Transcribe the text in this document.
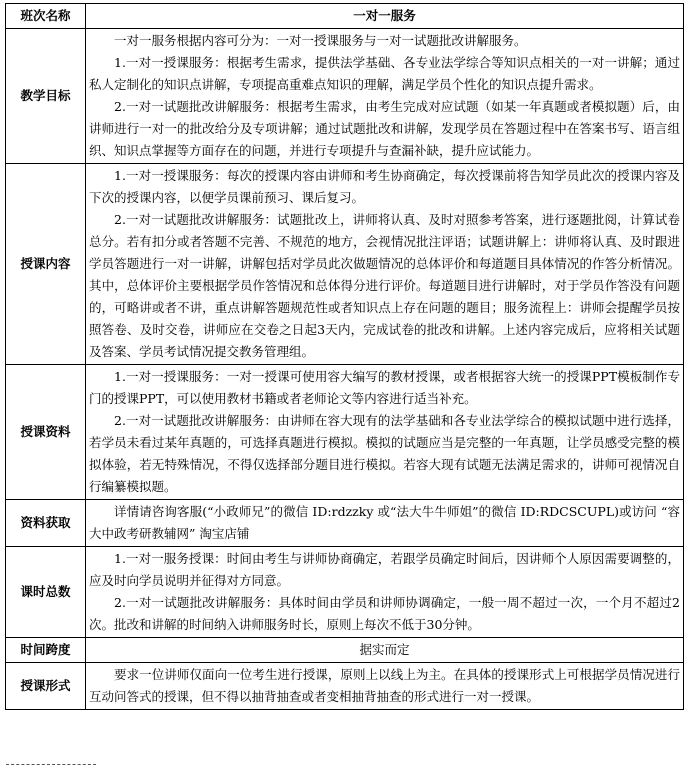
班次名称	一对一服务
教学目标	一对一服务根据内容可分为：一对一授课服务与一对一试题批改讲解服务。

1.一对一授课服务：根据考生需求，提供法学基础、各专业法学综合等知识点相关的一对一讲解；通过私人定制化的知识点讲解，专项提高重难点知识的理解，满足学员个性化的知识点提升需求。

2.一对一试题批改讲解服务：根据考生需求，由考生完成对应试题（如某一年真题或者模拟题）后，由讲师进行一对一的批改给分及专项讲解；通过试题批改和讲解，发现学员在答题过程中在答案书写、语言组织、知识点掌握等方面存在的问题，并进行专项提升与查漏补缺，提升应试能力。

授课内容	1.一对一授课服务：每次的授课内容由讲师和考生协商确定，每次授课前将告知学员此次的授课内容及下次的授课内容，以便学员课前预习、课后复习。

2.一对一试题批改讲解服务：试题批改上，讲师将认真、及时对照参考答案，进行逐题批阅，计算试卷总分。若有扣分或者答题不完善、不规范的地方，会视情况批注评语；试题讲解上：讲师将认真、及时跟进学员答题进行一对一讲解，讲解包括对学员此次做题情况的总体评价和每道题目具体情况的作答分析情况。其中，总体评价主要根据学员作答情况和总体得分进行评价。每道题目进行讲解时，对于学员作答没有问题的，可略讲或者不讲，重点讲解答题规范性或者知识点上存在问题的题目；服务流程上：讲师会提醒学员按照答卷、及时交卷，讲师应在交卷之日起3天内，完成试卷的批改和讲解。上述内容完成后，应将相关试题及答案、学员考试情况提交教务管理组。

授课资料	1.一对一授课服务：一对一授课可使用容大编写的教材授课，或者根据容大统一的授课PPT模板制作专门的授课PPT，可以使用教材书籍或者老师论文等内容进行适当补充。

2.一对一试题批改讲解服务：由讲师在容大现有的法学基础和各专业法学综合的模拟试题中进行选择，若学员未看过某年真题的，可选择真题进行模拟。模拟的试题应当是完整的一年真题，让学员感受完整的模拟体验，若无特殊情况，不得仅选择部分题目进行模拟。若容大现有试题无法满足需求的，讲师可视情况自行编纂模拟题。

资料获取	详情请咨询客服(“小政师兄”的微信 ID:rdzzky 或“法大牛牛师姐”的微信 ID:RDCSCUPL)或访问 “容大中政考研教辅网” 淘宝店铺

课时总数	1.一对一服务授课：时间由考生与讲师协商确定，若跟学员确定时间后，因讲师个人原因需要调整的，应及时向学员说明并征得对方同意。

2.一对一试题批改讲解服务：具体时间由学员和讲师协调确定，一般一周不超过一次，一个月不超过2次。批改和讲解的时间纳入讲师服务时长，原则上每次不低于30分钟。

时间跨度	据实而定
授课形式	要求一位讲师仅面向一位考生进行授课，原则上以线上为主。在具体的授课形式上可根据学员情况进行互动问答式的授课，但不得以抽背抽查或者变相抽背抽查的形式进行一对一授课。
